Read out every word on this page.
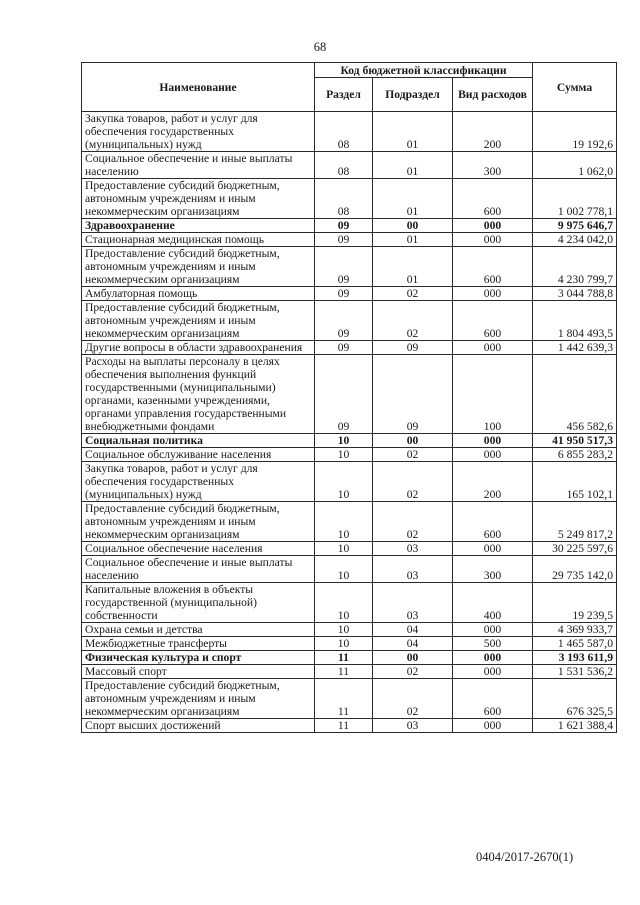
68
Наименование	Код бюджетной классификации			Сумма
	Раздел	Подраздел	Вид расходов	
Закупка товаров, работ и услуг для обеспечения государственных (муниципальных) нужд	08	01	200	19 192,6
Социальное обеспечение и иные выплаты населению	08	01	300	1 062,0
Предоставление субсидий бюджетным, автономным учреждениям и иным некоммерческим организациям	08	01	600	1 002 778,1
Здравоохранение	09	00	000	9 975 646,7
Стационарная медицинская помощь	09	01	000	4 234 042,0
Предоставление субсидий бюджетным, автономным учреждениям и иным некоммерческим организациям	09	01	600	4 230 799,7
Амбулаторная помощь	09	02	000	3 044 788,8
Предоставление субсидий бюджетным, автономным учреждениям и иным некоммерческим организациям	09	02	600	1 804 493,5
Другие вопросы в области здравоохранения	09	09	000	1 442 639,3
Расходы на выплаты персоналу в целях обеспечения выполнения функций государственными (муниципальными) органами, казенными учреждениями, органами управления государственными внебюджетными фондами	09	09	100	456 582,6
Социальная политика	10	00	000	41 950 517,3
Социальное обслуживание населения	10	02	000	6 855 283,2
Закупка товаров, работ и услуг для обеспечения государственных (муниципальных) нужд	10	02	200	165 102,1
Предоставление субсидий бюджетным, автономным учреждениям и иным некоммерческим организациям	10	02	600	5 249 817,2
Социальное обеспечение населения	10	03	000	30 225 597,6
Социальное обеспечение и иные выплаты населению	10	03	300	29 735 142,0
Капитальные вложения в объекты государственной (муниципальной) собственности	10	03	400	19 239,5
Охрана семьи и детства	10	04	000	4 369 933,7
Межбюджетные трансферты	10	04	500	1 465 587,0
Физическая культура и спорт	11	00	000	3 193 611,9
Массовый спорт	11	02	000	1 531 536,2
Предоставление субсидий бюджетным, автономным учреждениям и иным некоммерческим организациям	11	02	600	676 325,5
Спорт высших достижений	11	03	000	1 621 388,4
0404/2017-2670(1)
